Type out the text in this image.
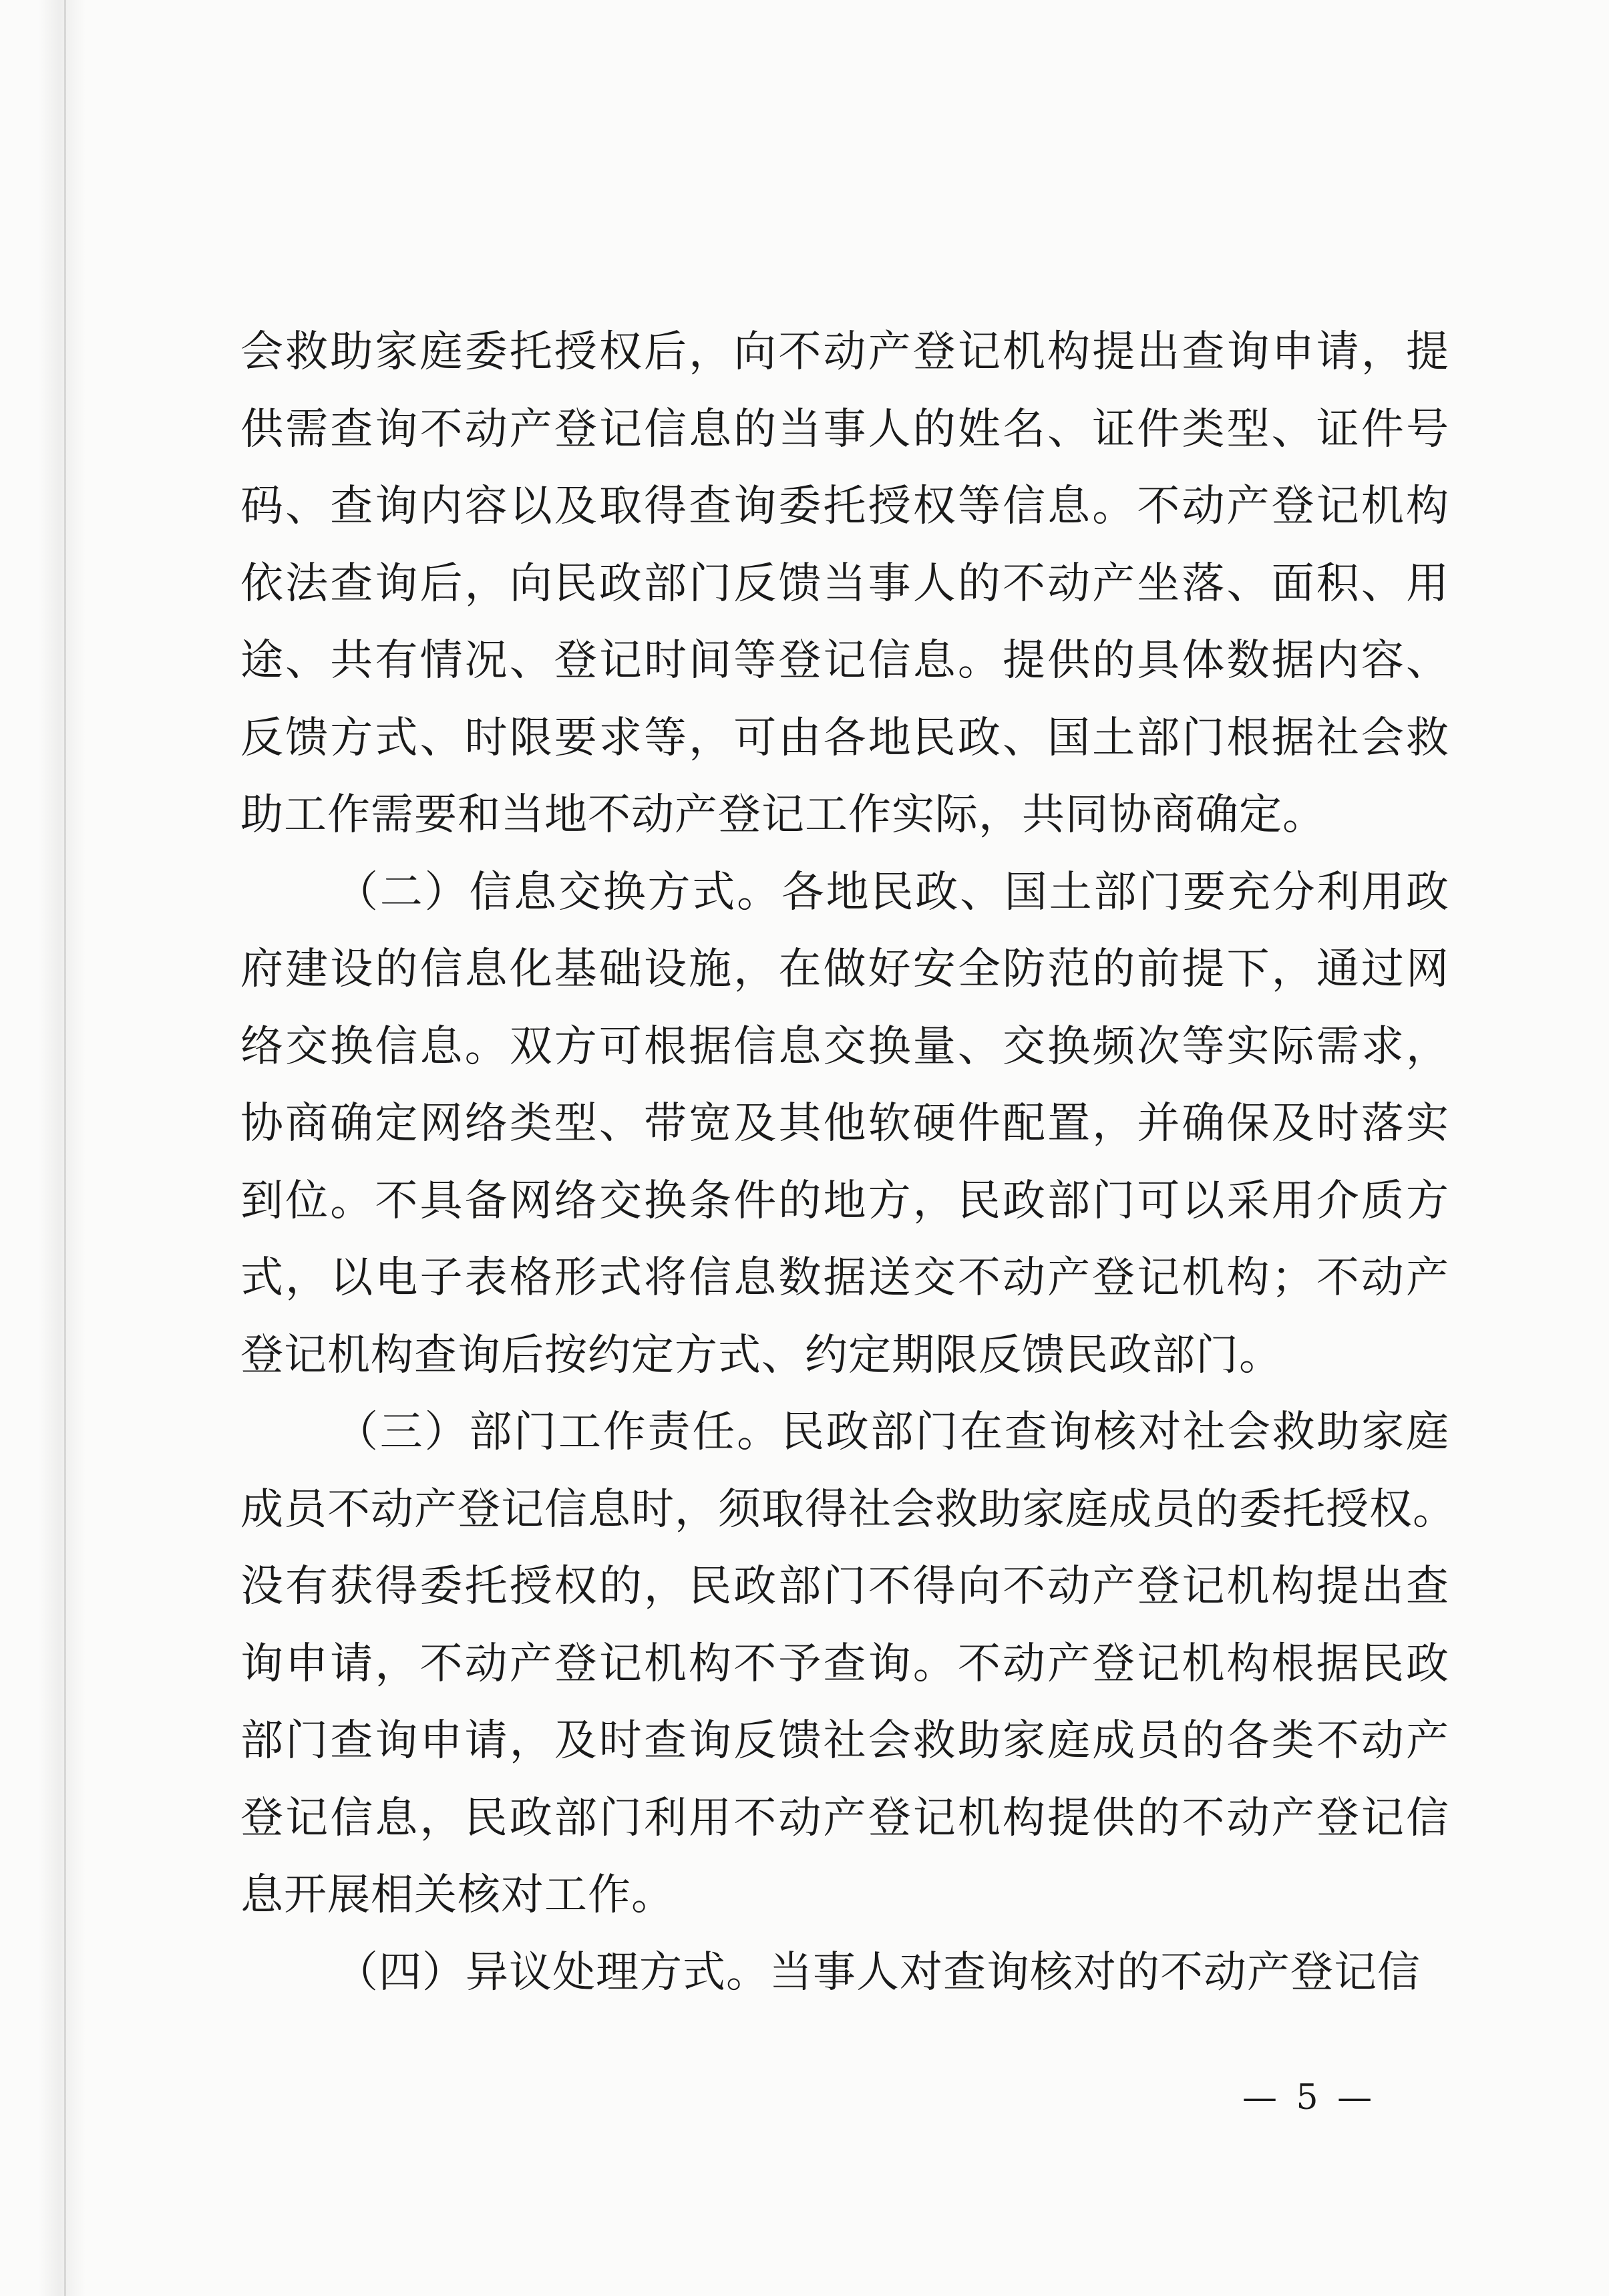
会救助家庭委托授权后，向不动产登记机构提出查询申请，提
供需查询不动产登记信息的当事人的姓名、证件类型、证件号
码、查询内容以及取得查询委托授权等信息。不动产登记机构
依法查询后，向民政部门反馈当事人的不动产坐落、面积、用
途、共有情况、登记时间等登记信息。提供的具体数据内容、
反馈方式、时限要求等，可由各地民政、国土部门根据社会救
助工作需要和当地不动产登记工作实际，共同协商确定。
（二）信息交换方式。各地民政、国土部门要充分利用政
府建设的信息化基础设施，在做好安全防范的前提下，通过网
络交换信息。双方可根据信息交换量、交换频次等实际需求，
协商确定网络类型、带宽及其他软硬件配置，并确保及时落实
到位。不具备网络交换条件的地方，民政部门可以采用介质方
式，以电子表格形式将信息数据送交不动产登记机构；不动产
登记机构查询后按约定方式、约定期限反馈民政部门。
（三）部门工作责任。民政部门在查询核对社会救助家庭
成员不动产登记信息时，须取得社会救助家庭成员的委托授权。
没有获得委托授权的，民政部门不得向不动产登记机构提出查
询申请，不动产登记机构不予查询。不动产登记机构根据民政
部门查询申请，及时查询反馈社会救助家庭成员的各类不动产
登记信息，民政部门利用不动产登记机构提供的不动产登记信
息开展相关核对工作。
（四）异议处理方式。当事人对查询核对的不动产登记信
— 5 —
